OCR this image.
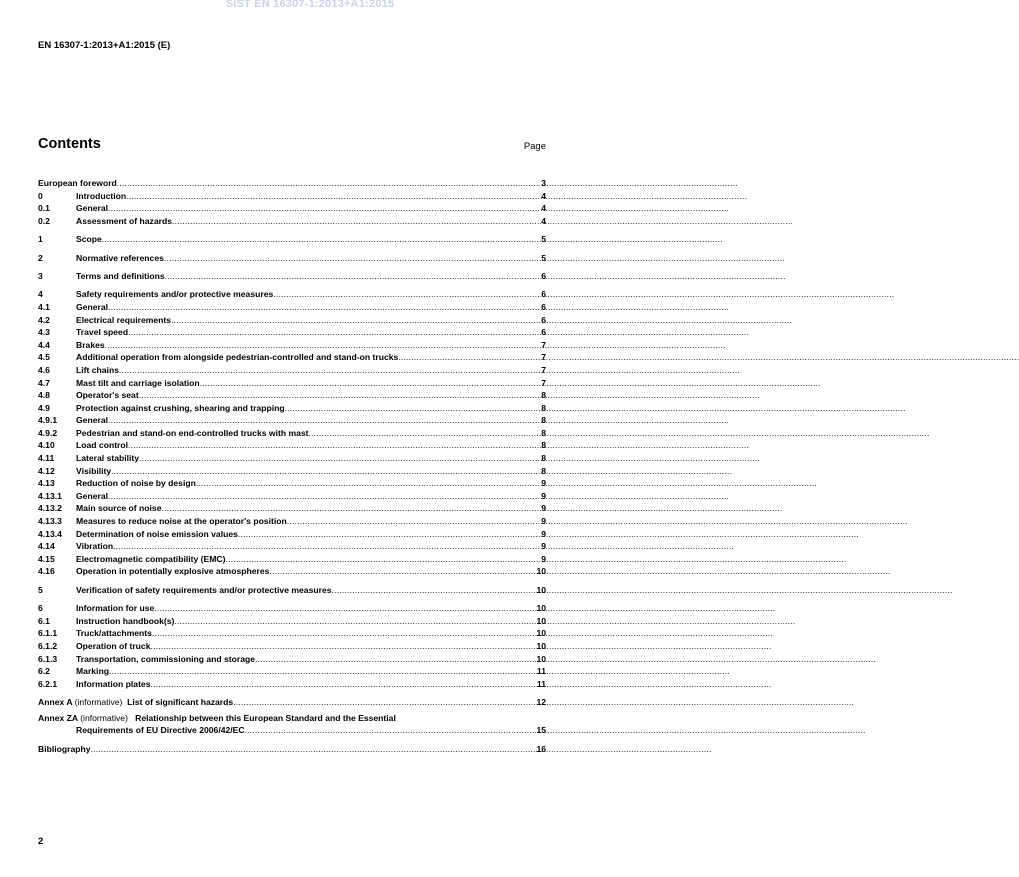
SIST EN 16307-1:2013+A1:2015
EN 16307-1:2013+A1:2015 (E)
Contents	Page
European foreword .....	3
0	Introduction .....	4
0.1	General .....	4
0.2	Assessment of hazards .....	4
1	Scope .....	5
2	Normative references .....	5
3	Terms and definitions .....	6
4	Safety requirements and/or protective measures .....	6
4.1	General .....	6
4.2	Electrical requirements .....	6
4.3	Travel speed .....	6
4.4	Brakes .....	7
4.5	Additional operation from alongside pedestrian-controlled and stand-on trucks .....	7
4.6	Lift chains .....	7
4.7	Mast tilt and carriage isolation .....	7
4.8	Operator's seat .....	8
4.9	Protection against crushing, shearing and trapping .....	8
4.9.1	General .....	8
4.9.2	Pedestrian and stand-on end-controlled trucks with mast .....	8
4.10	Load control .....	8
4.11	Lateral stability .....	8
4.12	Visibility .....	8
4.13	Reduction of noise by design .....	9
4.13.1	General .....	9
4.13.2	Main source of noise .....	9
4.13.3	Measures to reduce noise at the operator's position .....	9
4.13.4	Determination of noise emission values .....	9
4.14	Vibration .....	9
4.15	Electromagnetic compatibility (EMC) .....	9
4.16	Operation in potentially explosive atmospheres .....	10
5	Verification of safety requirements and/or protective measures .....	10
6	Information for use .....	10
6.1	Instruction handbook(s) .....	10
6.1.1	Truck/attachments .....	10
6.1.2	Operation of truck .....	10
6.1.3	Transportation, commissioning and storage .....	10
6.2	Marking .....	11
6.2.1	Information plates .....	11
Annex A (informative) List of significant hazards .....	12
Annex ZA (informative) Relationship between this European Standard and the Essential
Requirements of EU Directive 2006/42/EC .....	15
Bibliography .....	16
2
